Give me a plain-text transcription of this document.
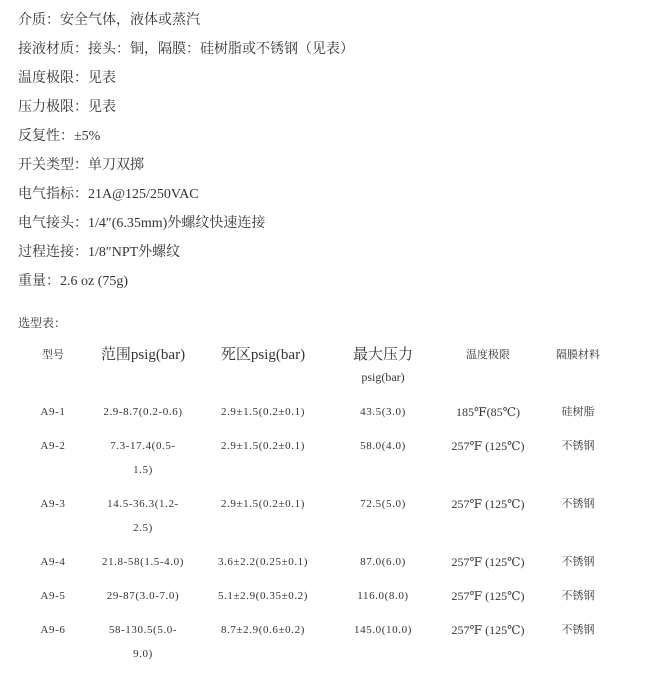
介质：安全气体，液体或蒸汽
接液材质：接头：铜，隔膜：硅树脂或不锈钢（见表）
温度极限：见表
压力极限：见表
反复性：±5%
开关类型：单刀双掷
电气指标：21A@125/250VAC
电气接头：1/4″(6.35mm)外螺纹快速连接
过程连接：1/8″NPT外螺纹
重量：2.6 oz (75g)
选型表：
型号	范围psig(bar)	死区psig(bar)	最大压力
psig(bar)	温度极限	隔膜材料
A9-1	2.9-8.7(0.2-0.6)	2.9±1.5(0.2±0.1)	43.5(3.0)	185℉(85℃)	硅树脂
A9-2	7.3-17.4(0.5-
1.5)	2.9±1.5(0.2±0.1)	58.0(4.0)	257℉ (125℃)	不锈钢
A9-3	14.5-36.3(1.2-
2.5)	2.9±1.5(0.2±0.1)	72.5(5.0)	257℉ (125℃)	不锈钢
A9-4	21.8-58(1.5-4.0)	3.6±2.2(0.25±0.1)	87.0(6.0)	257℉ (125℃)	不锈钢
A9-5	29-87(3.0-7.0)	5.1±2.9(0.35±0.2)	116.0(8.0)	257℉ (125℃)	不锈钢
A9-6	58-130.5(5.0-
9.0)	8.7±2.9(0.6±0.2)	145.0(10.0)	257℉ (125℃)	不锈钢
